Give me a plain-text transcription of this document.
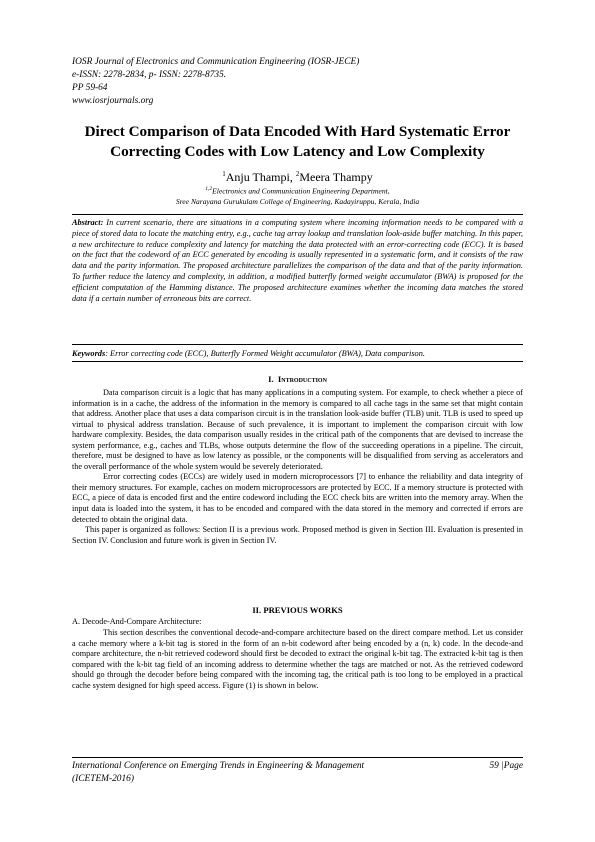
IOSR Journal of Electronics and Communication Engineering (IOSR-JECE)
e-ISSN: 2278-2834, p- ISSN: 2278-8735.
PP 59-64
www.iosrjournals.org
Direct Comparison of Data Encoded With Hard Systematic Error
Correcting Codes with Low Latency and Low Complexity
$^1$Anju Thampi, $^2$Meera Thampy
$^{1,2}$Electronics and Communication Engineering Department,
Sree Narayana Gurukulam College of Engineering, Kadayiruppu, Kerala, India
Abstract: In current scenario, there are situations in a computing system where incoming information needs to be compared with a piece of stored data to locate the matching entry, e.g., cache tag array lookup and translation look-aside buffer matching. In this paper, a new architecture to reduce complexity and latency for matching the data protected with an error-correcting code (ECC). It is based on the fact that the codeword of an ECC generated by encoding is usually represented in a systematic form, and it consists of the raw data and the parity information. The proposed architecture parallelizes the comparison of the data and that of the parity information. To further reduce the latency and complexity, in addition, a modified butterfly formed weight accumulator (BWA) is proposed for the efficient computation of the Hamming distance. The proposed architecture examines whether the incoming data matches the stored data if a certain number of erroneous bits are correct.
Keywords: Error correcting code (ECC), Butterfly Formed Weight accumulator (BWA), Data comparison.
I. Introduction

Data comparison circuit is a logic that has many applications in a computing system. For example, to check whether a piece of information is in a cache, the address of the information in the memory is compared to all cache tags in the same set that might contain that address. Another place that uses a data comparison circuit is in the translation look-aside buffer (TLB) unit. TLB is used to speed up virtual to physical address translation. Because of such prevalence, it is important to implement the comparison circuit with low hardware complexity. Besides, the data comparison usually resides in the critical path of the components that are devised to increase the system performance, e.g., caches and TLBs, whose outputs determine the flow of the succeeding operations in a pipeline. The circuit, therefore, must be designed to have as low latency as possible, or the components will be disqualified from serving as accelerators and the overall performance of the whole system would be severely deteriorated.

Error correcting codes (ECCs) are widely used in modern microprocessors [7] to enhance the reliability and data integrity of their memory structures. For example, caches on modern microprocessors are protected by ECC. If a memory structure is protected with ECC, a piece of data is encoded first and the entire codeword including the ECC check bits are written into the memory array. When the input data is loaded into the system, it has to be encoded and compared with the data stored in the memory and corrected if errors are detected to obtain the original data.

This paper is organized as follows: Section II is a previous work. Proposed method is given in Section III. Evaluation is presented in Section IV. Conclusion and future work is given in Section IV.

II. PREVIOUS WORKS
A. Decode-And-Compare Architecture:

This section describes the conventional decode-and-compare architecture based on the direct compare method. Let us consider a cache memory where a k-bit tag is stored in the form of an n-bit codeword after being encoded by a (n, k) code. In the decode-and compare architecture, the n-bit retrieved codeword should first be decoded to extract the original k-bit tag. The extracted k-bit tag is then compared with the k-bit tag field of an incoming address to determine whether the tags are matched or not. As the retrieved codeword should go through the decoder before being compared with the incoming tag, the critical path is too long to be employed in a practical cache system designed for high speed access. Figure (1) is shown in below.

International Conference on Emerging Trends in Engineering & Management
(ICETEM-2016)
59 |Page
